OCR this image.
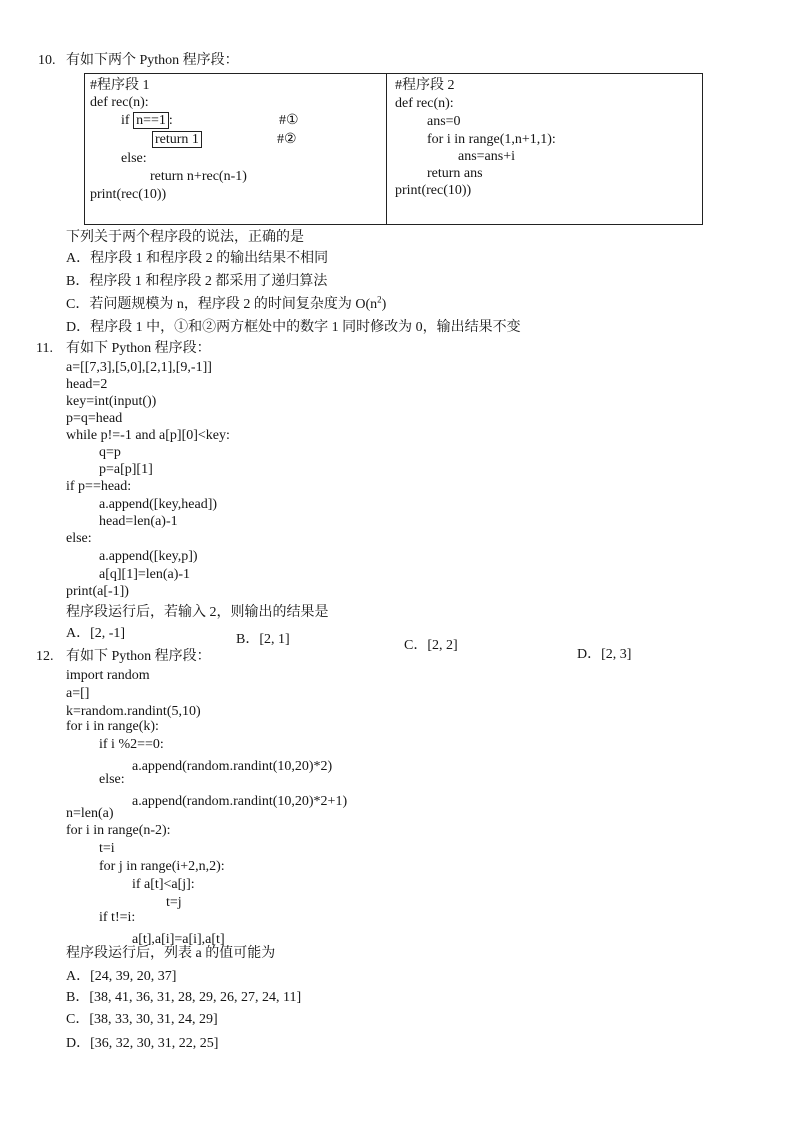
10. 有如下两个 Python 程序段：
#程序段 1
def rec(n):
if n==1 :	#①
return 1	#②
else:
return n+rec(n-1)
print(rec(10))
#程序段 2
def rec(n):
ans=0
for i in range(1,n+1,1):
ans=ans+i
return ans
print(rec(10))
下列关于两个程序段的说法，正确的是
A．程序段 1 和程序段 2 的输出结果不相同
B．程序段 1 和程序段 2 都采用了递归算法
C．若问题规模为 n，程序段 2 的时间复杂度为 $O(n^2)$
D．程序段 1 中，①和②两方框处中的数字 1 同时修改为 0，输出结果不变
11. 有如下 Python 程序段：
a=[[7,3],[5,0],[2,1],[9,-1]]
head=2
key=int(input())
p=q=head
while p!=-1 and a[p][0]<key:
q=p
p=a[p][1]
if p==head:
a.append([key,head])
head=len(a)-1
else:
a.append([key,p])
a[q][1]=len(a)-1
print(a[-1])
程序段运行后，若输入 2，则输出的结果是
A．[2, -1]	B．[2, 1]	C．[2, 2]
D．[2, 3]
12. 有如下 Python 程序段：
import random
a=[]
k=random.randint(5,10)
for i in range(k):
if i %2==0:
a.append(random.randint(10,20)*2)
else:
a.append(random.randint(10,20)*2+1)
n=len(a)
for i in range(n-2):
t=i
for j in range(i+2,n,2):
if a[t]<a[j]:
t=j
if t!=i:
a[t],a[i]=a[i],a[t]
程序段运行后，列表 a 的值可能为
A．[24, 39, 20, 37]
B．[38, 41, 36, 31, 28, 29, 26, 27, 24, 11]
C．[38, 33, 30, 31, 24, 29]
D．[36, 32, 30, 31, 22, 25]
